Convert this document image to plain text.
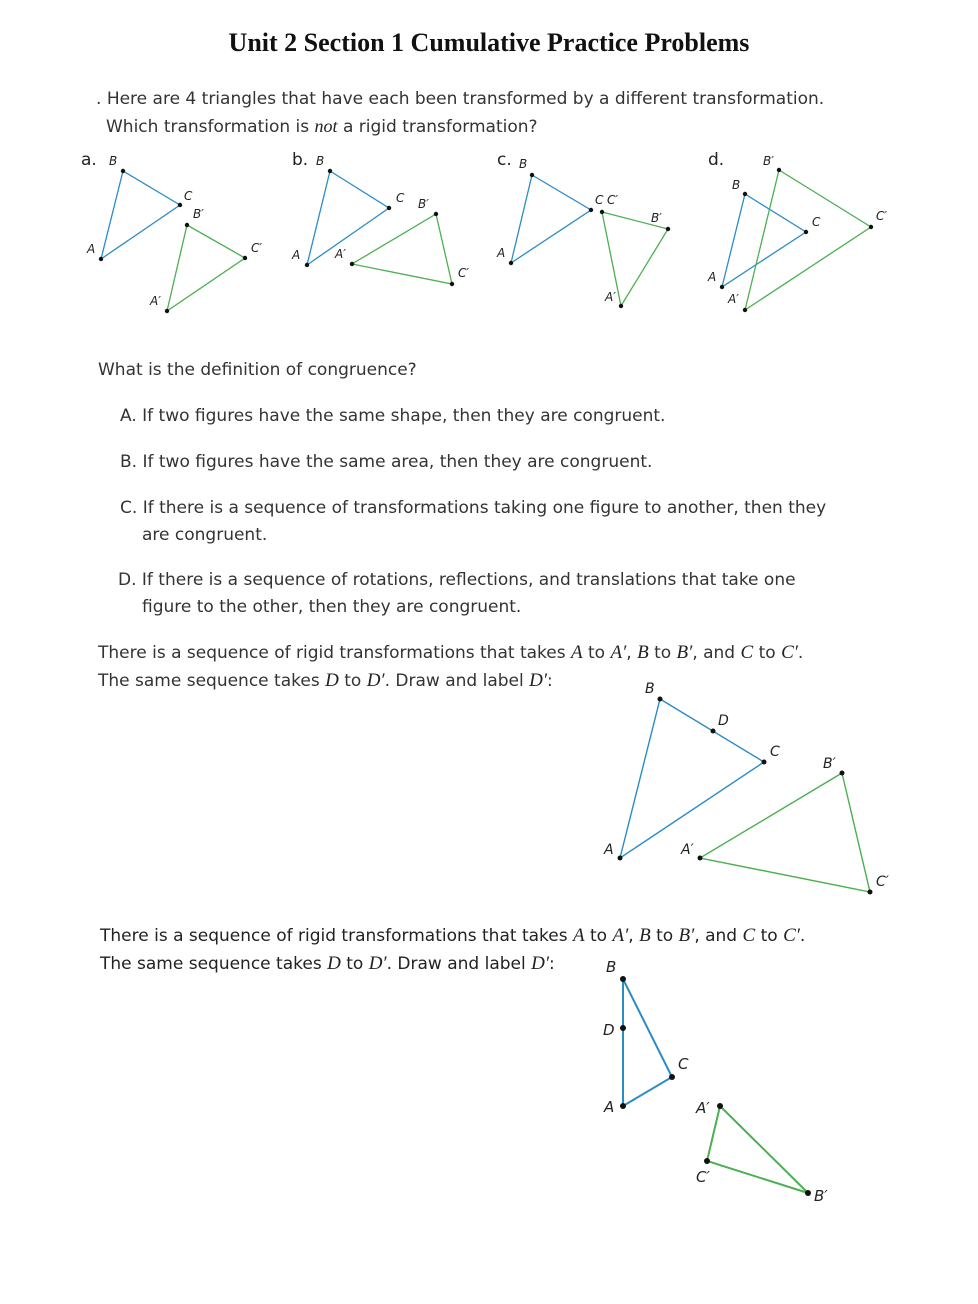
Unit 2 Section 1 Cumulative Practice Problems
. Here are 4 triangles that have each been transformed by a different transformation.
Which transformation is not a rigid transformation?
a.	b.	c.	d.
B
C
A
B′
C′
A′
B
C
A
B′
C′
A′
B
C C′
A
B′
A′
B
C
A
B′
C′
A′
What is the definition of congruence?
A. If two figures have the same shape, then they are congruent.
B. If two figures have the same area, then they are congruent.
C. If there is a sequence of transformations taking one figure to another, then they
are congruent.
D. If there is a sequence of rotations, reflections, and translations that take one
figure to the other, then they are congruent.
There is a sequence of rigid transformations that takes A to A′, B to B′, and C to C′.
The same sequence takes D to D′. Draw and label D′:	B
D
C
A
B′
C′
A′
There is a sequence of rigid transformations that takes A to A′, B to B′, and C to C′.
The same sequence takes D to D′. Draw and label D′:	B
D
C
A	A′
C′
B′
